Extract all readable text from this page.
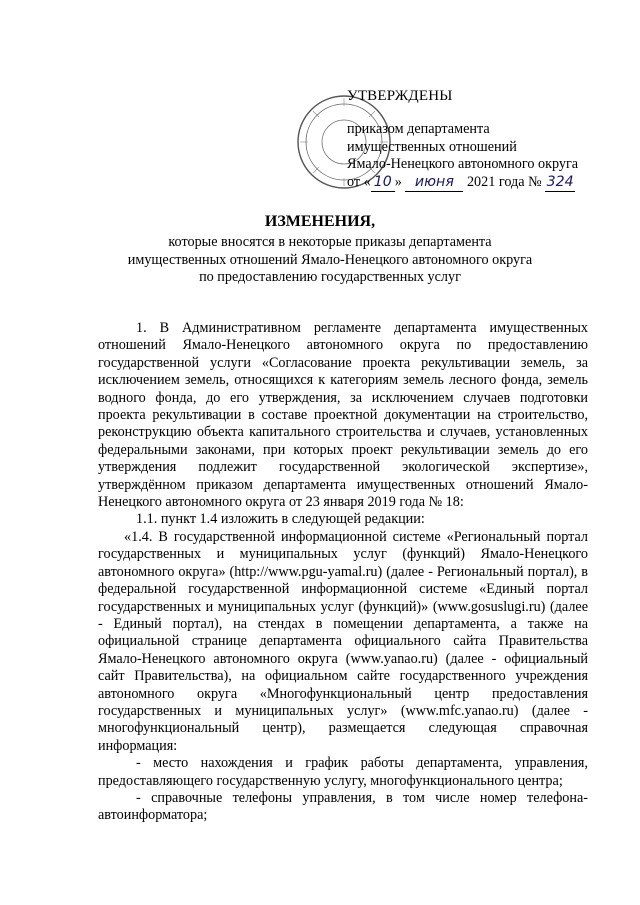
УТВЕРЖДЕНЫ
приказом департамента
имущественных отношений
Ямало-Ненецкого автономного округа
от « 10 » июня 2021 года № 324
ИЗМЕНЕНИЯ,
которые вносятся в некоторые приказы департамента имущественных отношений Ямало-Ненецкого автономного округа по предоставлению государственных услуг

1. В Административном регламенте департамента имущественных отношений Ямало-Ненецкого автономного округа по предоставлению государственной услуги «Согласование проекта рекультивации земель, за исключением земель, относящихся к категориям земель лесного фонда, земель водного фонда, до его утверждения, за исключением случаев подготовки проекта рекультивации в составе проектной документации на строительство, реконструкцию объекта капитального строительства и случаев, установленных федеральными законами, при которых проект рекультивации земель до его утверждения подлежит государственной экологической экспертизе», утверждённом приказом департамента имущественных отношений Ямало-Ненецкого автономного округа от 23 января 2019 года № 18:

1.1. пункт 1.4 изложить в следующей редакции:

«1.4. В государственной информационной системе «Региональный портал государственных и муниципальных услуг (функций) Ямало-Ненецкого автономного округа» (http://www.pgu-yamal.ru) (далее - Региональный портал), в федеральной государственной информационной системе «Единый портал государственных и муниципальных услуг (функций)» (www.gosuslugi.ru) (далее - Единый портал), на стендах в помещении департамента, а также на официальной странице департамента официального сайта Правительства Ямало-Ненецкого автономного округа (www.yanao.ru) (далее - официальный сайт Правительства), на официальном сайте государственного учреждения автономного округа «Многофункциональный центр предоставления государственных и муниципальных услуг» (www.mfc.yanao.ru) (далее - многофункциональный центр), размещается следующая справочная информация:

- место нахождения и график работы департамента, управления, предоставляющего государственную услугу, многофункционального центра;

- справочные телефоны управления, в том числе номер телефона-автоинформатора;
